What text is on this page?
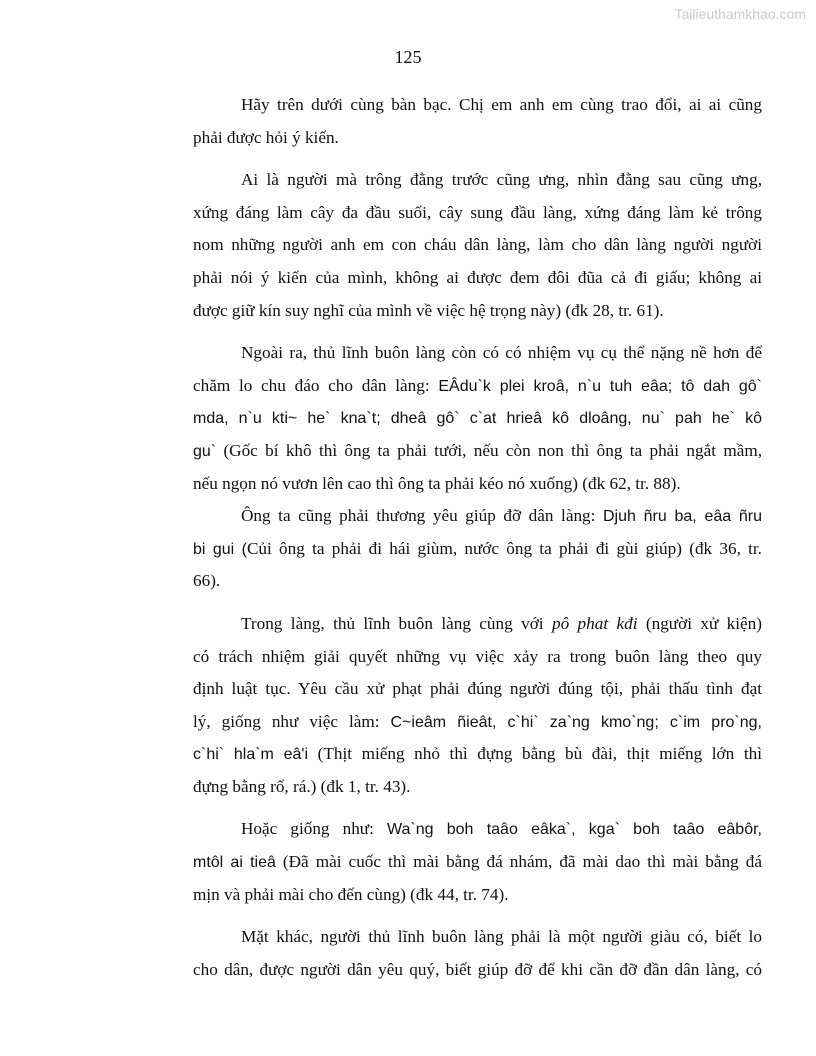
Tailieuthamkhao.com
125
Hãy trên dưới cùng bàn bạc. Chị em anh em cùng trao đổi, ai ai cũng
phải được hỏi ý kiến.
Ai là người mà trông đằng trước cũng ưng, nhìn đằng sau cũng ưng,
xứng đáng làm cây đa đầu suối, cây sung đầu làng, xứng đáng làm kẻ trông
nom những người anh em con cháu dân làng, làm cho dân làng người người
phải nói ý kiến của mình, không ai được đem đôi đũa cả đi giấu; không ai
được giữ kín suy nghĩ của mình về việc hệ trọng này) (đk 28, tr. 61).
Ngoài ra, thủ lĩnh buôn làng còn có có nhiệm vụ cụ thể nặng nề hơn để
chăm lo chu đáo cho dân làng: EÂdu`k plei kroâ, n`u tuh eâa; tô dah gô`
mda, n`u kti~ he` kna`t; dheâ gô` c`at hrieâ kô dloâng, nu` pah he` kô
gu` (Gốc bí khô thì ông ta phải tưới, nếu còn non thì ông ta phải ngắt mầm,
nếu ngọn nó vươn lên cao thì ông ta phải kéo nó xuống) (đk 62, tr. 88).
Ông ta cũng phải thương yêu giúp đỡ dân làng: Djuh ñru ba, eâa ñru
bi gui (Củi ông ta phải đi hái giùm, nước ông ta phải đi gùi giúp) (đk 36, tr.
66).
Trong làng, thủ lĩnh buôn làng cùng với pô phat kđi (người xử kiện)
có trách nhiệm giải quyết những vụ việc xảy ra trong buôn làng theo quy
định luật tục. Yêu cầu xử phạt phải đúng người đúng tội, phải thấu tình đạt
lý, giống như việc làm: C~ieâm ñieât, c`hi` za`ng kmo`ng; c`im pro`ng,
c`hi` hla`m eâ'i (Thịt miếng nhỏ thì đựng bằng bù đài, thịt miếng lớn thì
đựng bằng rổ, rá.) (đk 1, tr. 43).
Hoặc giống như: Wa`ng boh taâo eâka`, kga` boh taâo eâbôr,
mtôl ai tieâ (Đã mài cuốc thì mài bằng đá nhám, đã mài dao thì mài bằng đá
mịn và phải mài cho đến cùng) (đk 44, tr. 74).
Mặt khác, người thủ lĩnh buôn làng phải là một người giàu có, biết lo
cho dân, được người dân yêu quý, biết giúp đỡ để khi cần đỡ đần dân làng, có
